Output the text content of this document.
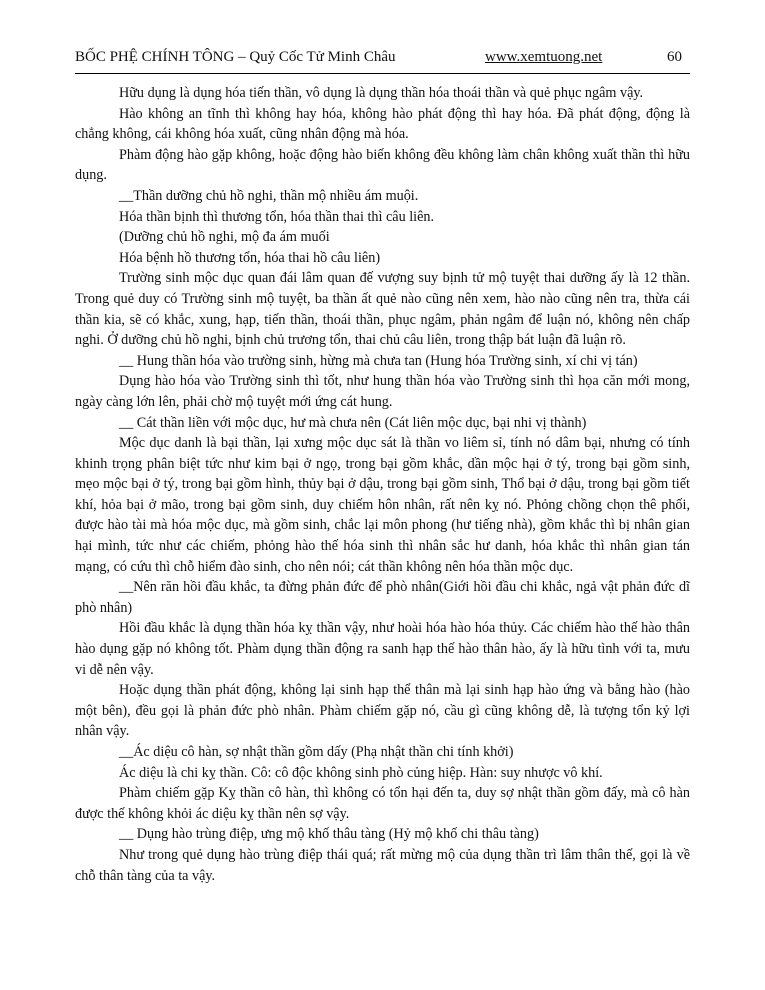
BỐC PHỆ CHÍNH TÔNG – Quỷ Cốc Tử Minh Châu	www.xemtuong.net	60

Hữu dụng là dụng hóa tiến thần, vô dụng là dụng thần hóa thoái thần và quẻ phục ngâm vậy.

Hào không an tĩnh thì không hay hóa, không hào phát động thì hay hóa. Đã phát động, động là chẳng không, cái không hóa xuất, cũng nhân động mà hóa.

Phàm động hào gặp không, hoặc động hào biến không đều không làm chân không xuất thần thì hữu dụng.

__Thần dưỡng chủ hồ nghi, thần mộ nhiều ám muội.

Hóa thần bịnh thì thương tổn, hóa thần thai thì câu liên.

(Dưỡng chủ hồ nghi, mộ đa ám muối

Hóa bệnh hồ thương tổn, hóa thai hồ câu liên)

Trường sinh mộc dục quan đái lâm quan đế vượng suy bịnh tử mộ tuyệt thai dưỡng ấy là 12 thần. Trong quẻ duy có Trường sinh mộ tuyệt, ba thần ất quẻ nào cũng nên xem, hào nào cũng nên tra, thừa cái thần kia, sẽ có khắc, xung, hạp, tiến thần, thoái thần, phục ngâm, phản ngâm để luận nó, không nên chấp nghi. Ở dưỡng chủ hồ nghi, bịnh chủ trương tổn, thai chủ câu liên, trong thập bát luận đã luận rõ.

__ Hung thần hóa vào trường sinh, hừng mà chưa tan (Hung hóa Trường sinh, xí chi vị tán)

Dụng hào hóa vào Trường sinh thì tốt, như hung thần hóa vào Trường sinh thì họa căn mới mong, ngày càng lớn lên, phải chờ mộ tuyệt mới ứng cát hung.

__ Cát thần liền với mộc dục, hư mà chưa nên (Cát liên mộc dục, bại nhi vị thành)

Mộc dục danh là bại thần, lại xưng mộc dục sát là thần vo liêm sỉ, tính nó dâm bại, nhưng có tính khinh trọng phân biệt tức như kim bại ở ngọ, trong bại gồm khắc, dần mộc hại ở tý, trong bại gồm sinh, mẹo mộc bại ở tý, trong bại gồm hình, thủy bại ở dậu, trong bại gồm sinh, Thổ bại ở dậu, trong bại gồm tiết khí, hỏa bại ở mão, trong bại gồm sinh, duy chiếm hôn nhân, rất nên kỵ nó. Phỏng chồng chọn thê phối, được hào tài mà hóa mộc dục, mà gồm sinh, chắc lại môn phong (hư tiếng nhà), gồm khắc thì bị nhân gian hại mình, tức như các chiếm, phỏng hào thế hóa sinh thì nhân sắc hư danh, hóa khắc thì nhân gian tán mạng, có cứu thì chỗ hiểm đào sinh, cho nên nói; cát thần không nên hóa thần mộc dục.

__Nên răn hồi đầu khắc, ta đừng phản đức để phò nhân(Giới hồi đầu chi khắc, ngả vật phản đức dĩ phò nhân)

Hồi đầu khắc là dụng thần hóa kỵ thần vậy, như hoài hóa hào hóa thủy. Các chiếm hào thế hào thân hào dụng gặp nó không tốt. Phàm dụng thần động ra sanh hạp thế hào thân hào, ấy là hữu tình với ta, mưu vi dễ nên vậy.

Hoặc dụng thần phát động, không lại sinh hạp thể thân mà lại sinh hạp hào ứng và bằng hào (hào một bên), đều gọi là phản đức phò nhân. Phàm chiếm gặp nó, cầu gì cũng không dễ, là tượng tổn kỷ lợi nhân vậy.

__Ác diệu cô hàn, sợ nhật thần gồm dấy (Phạ nhật thần chi tính khởi)

Ác diệu là chi kỵ thần. Cô: cô độc không sinh phò củng hiệp. Hàn: suy nhược vô khí.

Phàm chiếm gặp Kỵ thần cô hàn, thì không có tổn hại đến ta, duy sợ nhật thần gồm đấy, mà cô hàn được thế không khỏi ác diệu kỵ thần nên sợ vậy.

__ Dụng hào trùng điệp, ưng mộ khố thâu tàng (Hỷ mộ khố chi thâu tàng)

Như trong quẻ dụng hào trùng điệp thái quá; rất mừng mộ của dụng thần trì lâm thân thế, gọi là về chỗ thân tàng của ta vậy.
